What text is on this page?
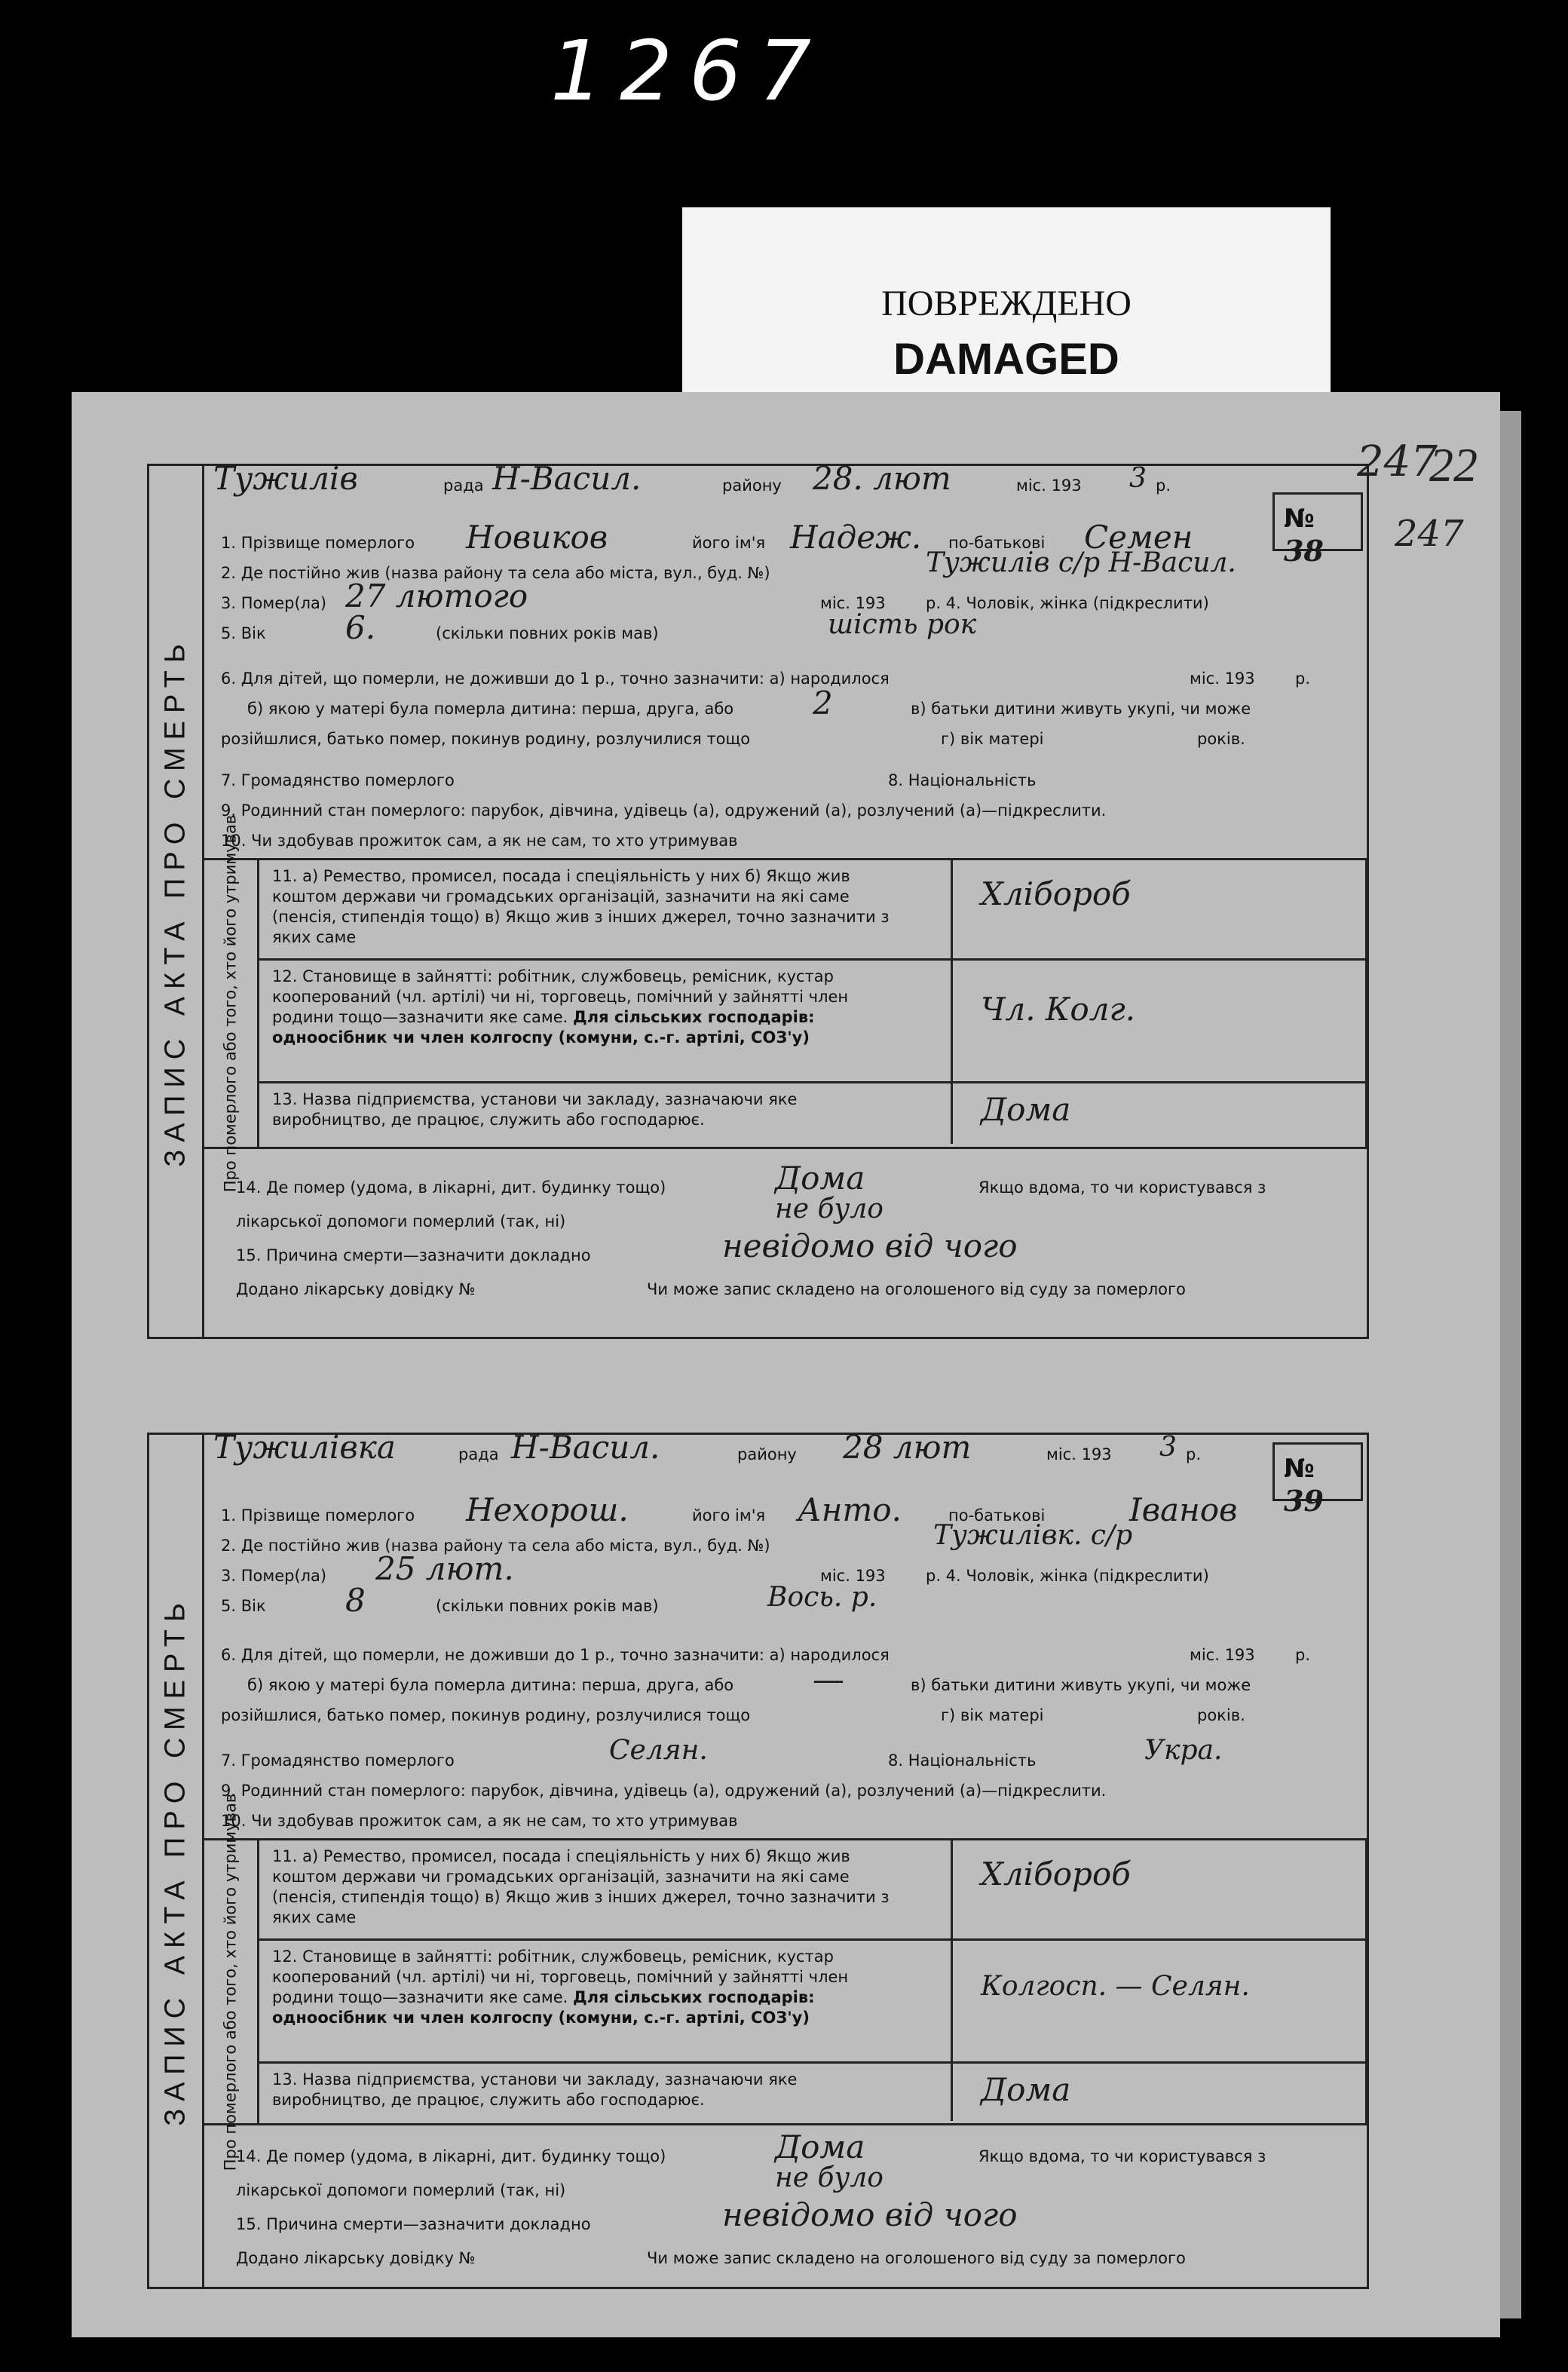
1267
ПОВРЕЖДЕНО
DAMAGED
22
ЗАПИС АКТА ПРО СМЕРТЬ
Тужилів	рада Н-Васил.	району 28. лют	міс. 193 3 р.
№ 38
1. Прізвище померлого Новиков	його ім'я Надеж. по-батькові Семен
2. Де постійно жив (назва району та села або міста, вул., буд. №)	Тужилів с/р Н-Васил.
3. Помер(ла) 27 лютого	міс. 193	р. 4. Чоловік, жінка (підкреслити)
5. Вік	6.	(скільки повних років мав)	шість рок
6. Для дітей, що померли, не доживши до 1 р., точно зазначити: а) народилося	міс. 193	р.
б) якою у матері була померла дитина: перша, друга, або 2	в) батьки дитини живуть укупі, чи може
розійшлися, батько помер, покинув родину, розлучилися тощо	г) вік матері	років.
7. Громадянство померлого	8. Національність
9. Родинний стан померлого: парубок, дівчина, удівець (а), одружений (а), розлучений (а)—підкреслити.
10. Чи здобував прожиток сам, а як не сам, то хто утримував
Про померлого або того, хто його утримував 11. а) Ремество, промисел, посада і спеціяльність у них б) Якщо жив коштом держави чи громадських організацій, зазначити на які саме (пенсія, стипендія тощо) в) Якщо жив з інших джерел, точно зазначити з яких саме
Хлібороб
12. Становище в зайнятті: робітник, службовець, ремісник, кустар кооперований (чл. артілі) чи ні, торговець, помічний у зайнятті член родини тощо—зазначити яке саме. Для сільських господарів: одноосібник чи член колгоспу (комуни, с.-г. артілі, СОЗ'у)
Чл. Колг.
13. Назва підприємства, установи чи закладу, зазначаючи яке виробництво, де працює, служить або господарює.	Дома
14. Де помер (удома, в лікарні, дит. будинку тощо)	Дома	Якщо вдома, то чи користувався з
лікарської допомоги померлий (так, ні)	не було
15. Причина смерти—зазначити докладно	невідомо від чого
Додано лікарську довідку №	Чи може запис складено на оголошеного від суду за померлого
ЗАПИС АКТА ПРО СМЕРТЬ
Тужилівка	рада Н-Васил.	району 28 лют	міс. 193 3 р.	№ 39
1. Прізвище померлого Нехорош.	його ім'я Анто.	по-батькові	Іванов
2. Де постійно жив (назва району та села або міста, вул., буд. №)	Тужилівк. с/р
3. Помер(ла) 25 лют.	міс. 193	р. 4. Чоловік, жінка (підкреслити)
5. Вік	8	(скільки повних років мав)	Вось. р.
6. Для дітей, що померли, не доживши до 1 р., точно зазначити: а) народилося	міс. 193	р.
б) якою у матері була померла дитина: перша, друга, або —	в) батьки дитини живуть укупі, чи може
розійшлися, батько помер, покинув родину, розлучилися тощо	г) вік матері	років.
7. Громадянство померлого	Селян.	8. Національність	Укра.
9. Родинний стан померлого: парубок, дівчина, удівець (а), одружений (а), розлучений (а)—підкреслити.
10. Чи здобував прожиток сам, а як не сам, то хто утримував
Про померлого або того, хто його утримував 11. а) Ремество, промисел, посада і спеціяльність у них б) Якщо жив коштом держави чи громадських організацій, зазначити на які саме (пенсія, стипендія тощо) в) Якщо жив з інших джерел, точно зазначити з яких саме
Хлібороб
12. Становище в зайнятті: робітник, службовець, ремісник, кустар кооперований (чл. артілі) чи ні, торговець, помічний у зайнятті член родини тощо—зазначити яке саме. Для сільських господарів: одноосібник чи член колгоспу (комуни, с.-г. артілі, СОЗ'у)
Колгосп. — Селян.
13. Назва підприємства, установи чи закладу, зазначаючи яке виробництво, де працює, служить або господарює.	Дома
14. Де помер (удома, в лікарні, дит. будинку тощо)	Дома	Якщо вдома, то чи користувався з
лікарської допомоги померлий (так, ні)	не було
15. Причина смерти—зазначити докладно	невідомо від чого
Додано лікарську довідку №	Чи може запис складено на оголошеного від суду за померлого
247
247
